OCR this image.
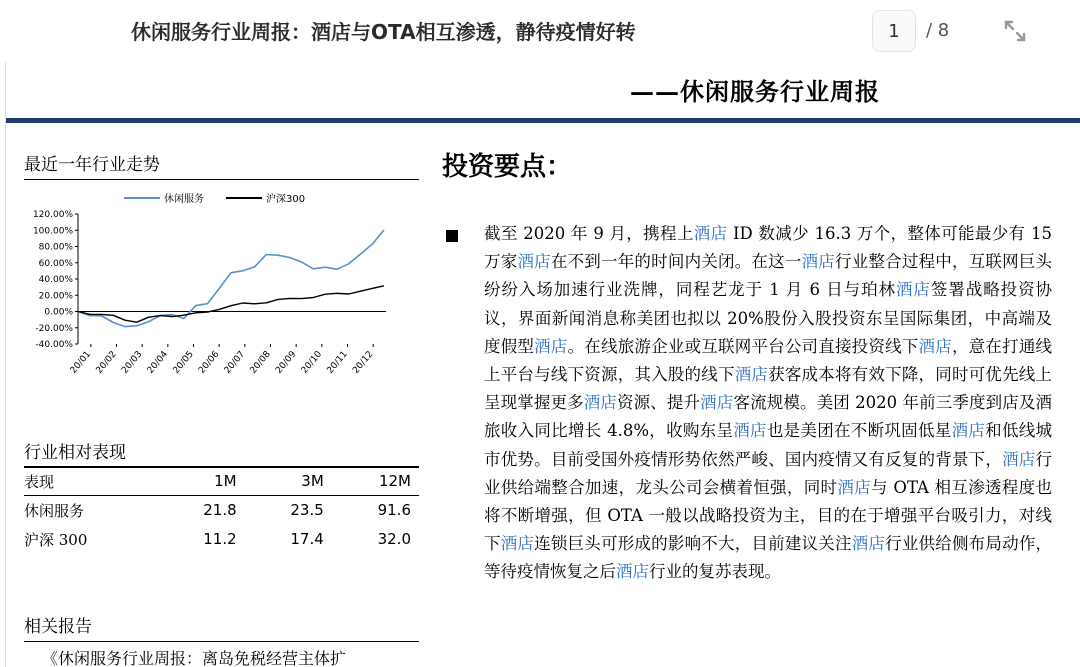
休闲服务行业周报：酒店与OTA相互渗透，静待疫情好转	1	/ 8
——休闲服务行业周报
最近一年行业走势
休闲服务	沪深300
120.00%
100.00%
80.00%
60.00%
40.00%
20.00%
0.00%
-20.00%
-40.00%
20/01 20/02 20/03 20/04 20/05 20/06 20/07 20/08 20/09 20/10 20/11 20/12
行业相对表现
表现	1M	3M	12M
休闲服务	21.8	23.5	91.6
沪深 300	11.2	17.4	32.0
相关报告
《休闲服务行业周报：离岛免税经营主体扩
投资要点：
截至 2020 年 9 月，携程上酒店 ID 数减少 16.3 万个，整体可能最少有 15 万家酒店在不到一年的时间内关闭。在这一酒店行业整合过程中，互联网巨头纷纷入场加速行业洗牌，同程艺龙于 1 月 6 日与珀林酒店签署战略投资协议，界面新闻消息称美团也拟以 20%股份入股投资东呈国际集团，中高端及度假型酒店。在线旅游企业或互联网平台公司直接投资线下酒店，意在打通线上平台与线下资源，其入股的线下酒店获客成本将有效下降，同时可优先线上呈现掌握更多酒店资源、提升酒店客流规模。美团 2020 年前三季度到店及酒旅收入同比增长 4.8%，收购东呈酒店也是美团在不断巩固低星酒店和低线城市优势。目前受国外疫情形势依然严峻、国内疫情又有反复的背景下，酒店行业供给端整合加速，龙头公司会横着恒强，同时酒店与 OTA 相互渗透程度也将不断增强，但 OTA 一般以战略投资为主，目的在于增强平台吸引力，对线下酒店连锁巨头可形成的影响不大，目前建议关注酒店行业供给侧布局动作，等待疫情恢复之后酒店行业的复苏表现。
